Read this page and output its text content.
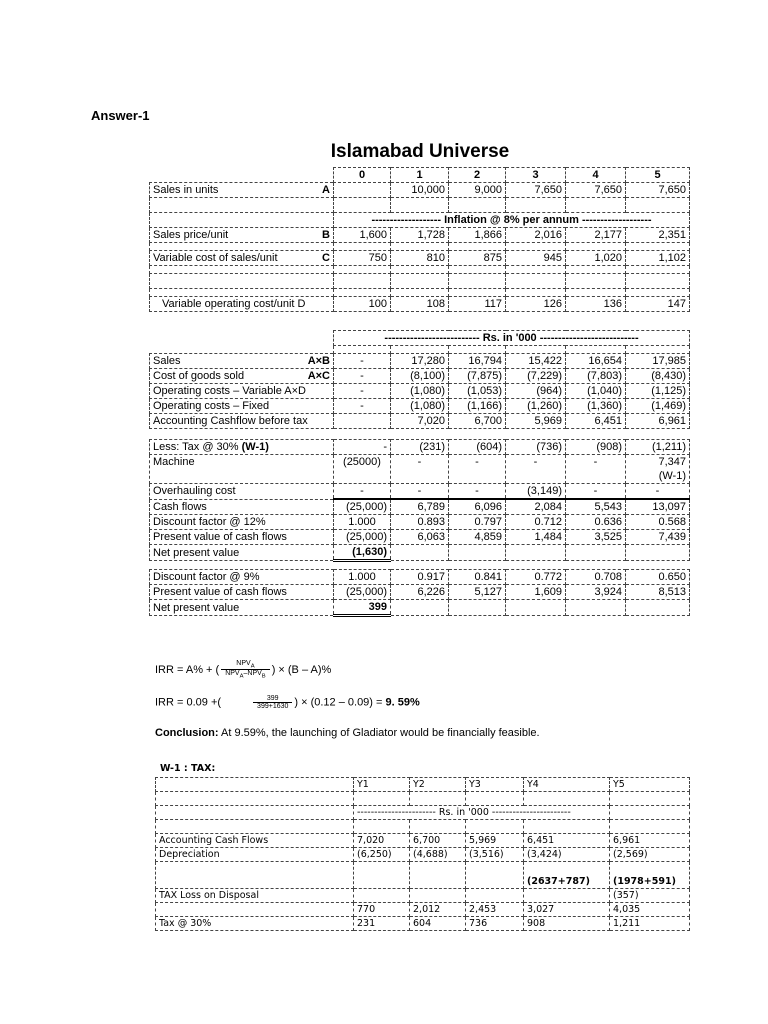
Answer-1
Islamabad Universe
	0	1	2	3	4	5

Sales in units A		10,000	9,000	7,650	7,650	7,650

	------------------- Inflation @ 8% per annum -------------------					

Sales price/unit B	1,600	1,728	1,866	2,016	2,177	2,351

Variable cost of sales/unit C	750	810	875	945	1,020	1,102

Variable operating cost/unit D	100	108	117	126	136	147
	-------------------------- Rs. in '000 ---------------------------					

Sales A×B	-	17,280	16,794	15,422	16,654	17,985

Cost of goods sold A×C	-	(8,100)	(7,875)	(7,229)	(7,803)	(8,430)
Operating costs – Variable A×D	-	(1,080)	(1,053)	(964)	(1,040)	(1,125)
Operating costs – Fixed	-	(1,080)	(1,166)	(1,260)	(1,360)	(1,469)
Accounting Cashflow before tax		7,020	6,700	5,969	6,451	6,961
Less: Tax @ 30% (W-1)	-	(231)	(604)	(736)	(908)	(1,211)
Machine	(25000)	-	-	-	-	7,347
(W-1)

Overhauling cost	-	-	-	(3,149)	-	-
Cash flows	(25,000)	6,789	6,096	2,084	5,543	13,097
Discount factor @ 12%	1.000	0.893	0.797	0.712	0.636	0.568
Present value of cash flows	(25,000)	6,063	4,859	1,484	3,525	7,439
Net present value	(1,630)					

Discount factor @ 9%	1.000	0.917	0.841	0.772	0.708	0.650
Present value of cash flows	(25,000)	6,226	5,127	1,609	3,924	8,513
Net present value	399					
IRR = A% + ( $\frac{NPV_A}{NPV_A-NPV_B}$ ) × (B – A)%
IRR = 0.09 +(	$\frac{399}{399+1630}$ ) × (0.12 – 0.09) = 9. 59%
Conclusion: At 9.59%, the launching of Gladiator would be financially feasible.
W-1 : TAX:
	Y1	Y2	Y3	Y4	Y5

	----------------------- Rs. in '000 -----------------------				

Accounting Cash Flows	7,020	6,700	5,969	6,451	6,961
Depreciation	(6,250)	(4,688)	(3,516)	(3,424)	(2,569)
				(2637+787)	(1978+591)
TAX Loss on Disposal					(357)
	770	2,012	2,453	3,027	4,035
Tax @ 30%	231	604	736	908	1,211
